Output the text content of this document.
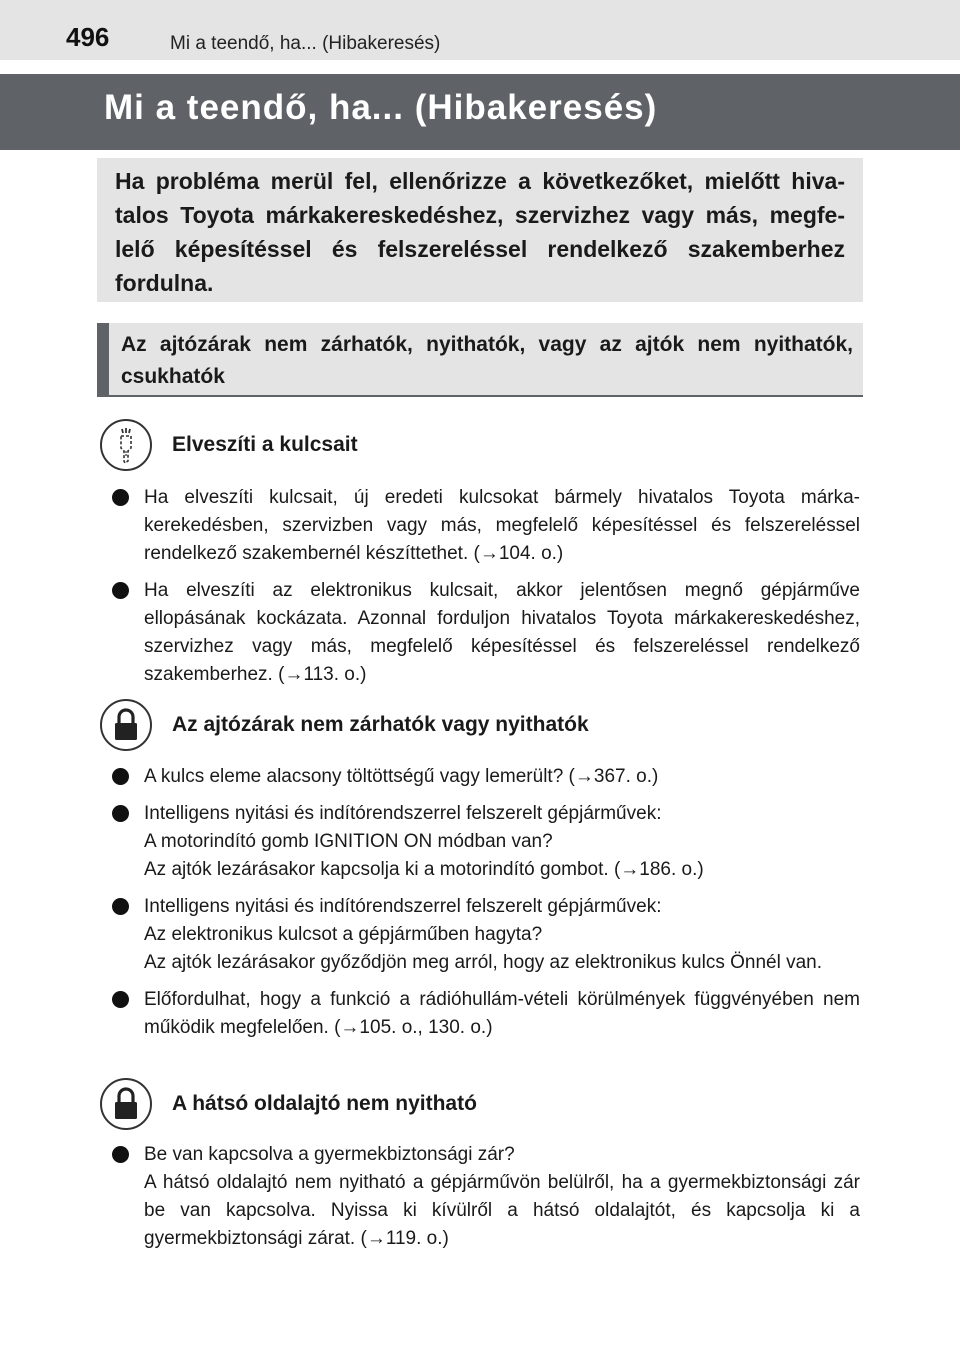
496	Mi a teendő, ha... (Hibakeresés)
Mi a teendő, ha... (Hibakeresés)

Ha probléma merül fel, ellenőrizze a következőket, mielőtt hivatalos Toyota márkakereskedéshez, szervizhez vagy más, megfelelő képesítéssel és felszereléssel rendelkező szakemberhez fordulna.

Az ajtózárak nem zárhatók, nyithatók, vagy az ajtók nem nyithatók, csukhatók
Elveszíti a kulcsait
Ha elveszíti kulcsait, új eredeti kulcsokat bármely hivatalos Toyota márkakerekedésben, szervizben vagy más, megfelelő képesítéssel és felszereléssel rendelkező szakembernél készíttethet. (→104. o.)
Ha elveszíti az elektronikus kulcsait, akkor jelentősen megnő gépjárműve ellopásának kockázata. Azonnal forduljon hivatalos Toyota márkakereskedéshez, szervizhez vagy más, megfelelő képesítéssel és felszereléssel rendelkező szakemberhez. (→113. o.)
Az ajtózárak nem zárhatók vagy nyithatók
A kulcs eleme alacsony töltöttségű vagy lemerült? (→367. o.)
Intelligens nyitási és indítórendszerrel felszerelt gépjárművek:
A motorindító gomb IGNITION ON módban van?
Az ajtók lezárásakor kapcsolja ki a motorindító gombot. (→186. o.)
Intelligens nyitási és indítórendszerrel felszerelt gépjárművek:
Az elektronikus kulcsot a gépjárműben hagyta?
Az ajtók lezárásakor győződjön meg arról, hogy az elektronikus kulcs Önnél van.
Előfordulhat, hogy a funkció a rádióhullám-vételi körülmények függvényében nem működik megfelelően. (→105. o., 130. o.)
A hátsó oldalajtó nem nyitható
Be van kapcsolva a gyermekbiztonsági zár?
A hátsó oldalajtó nem nyitható a gépjárművön belülről, ha a gyermekbiztonsági zár be van kapcsolva. Nyissa ki kívülről a hátsó oldalajtót, és kapcsolja ki a gyermekbiztonsági zárat. (→119. o.)
